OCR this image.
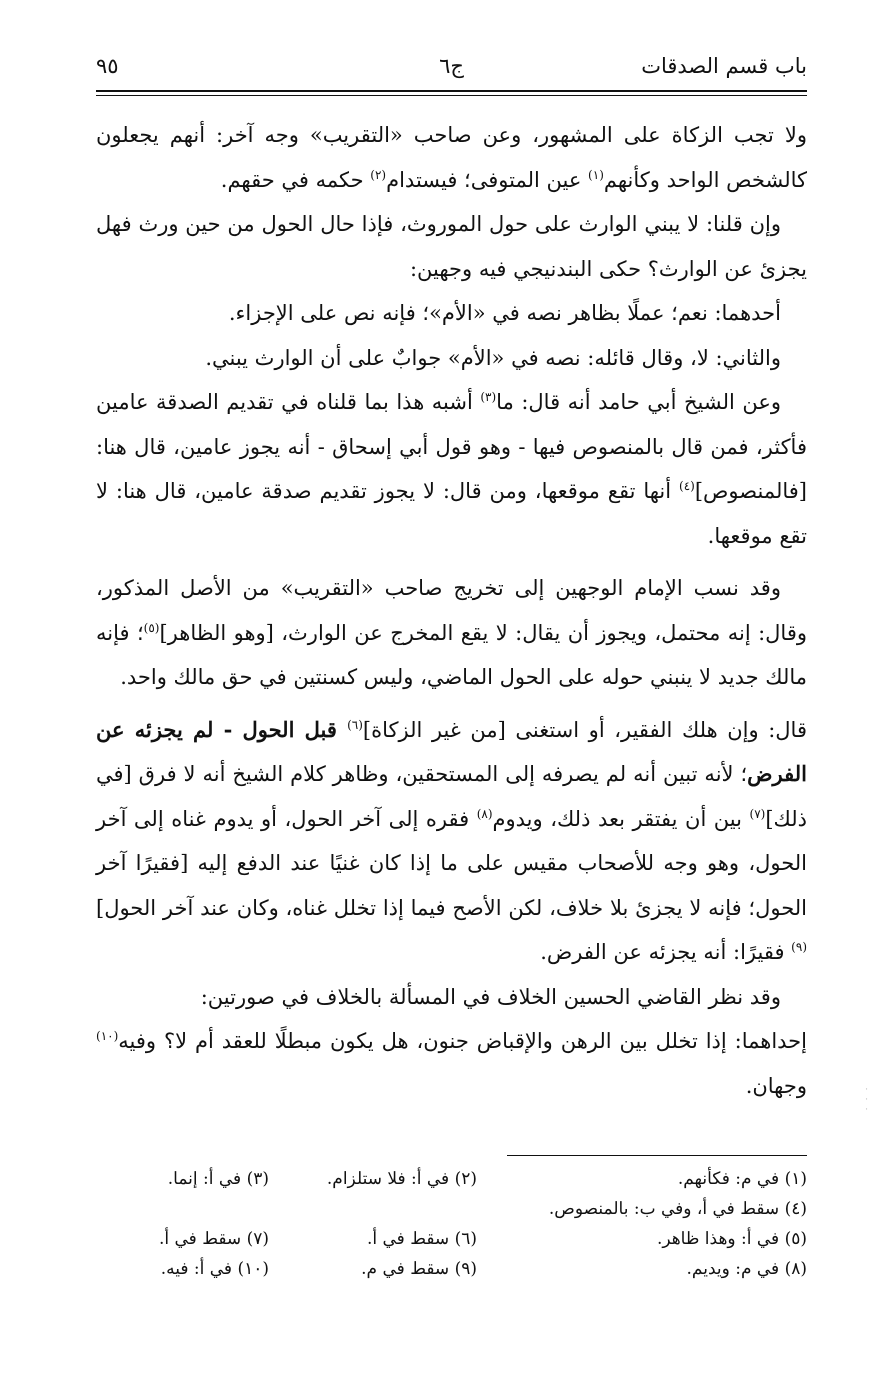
باب قسم الصدقات
ج٦
٩٥

ولا تجب الزكاة على المشهور، وعن صاحب «التقريب» وجه آخر: أنهم يجعلون كالشخص الواحد وكأنهم$^{(١)}$ عين المتوفى؛ فيستدام$^{(٢)}$ حكمه في حقهم.

وإن قلنا: لا يبني الوارث على حول الموروث، فإذا حال الحول من حين ورث فهل يجزئ عن الوارث؟ حكى البندنيجي فيه وجهين:

أحدهما: نعم؛ عملًا بظاهر نصه في «الأم»؛ فإنه نص على الإجزاء.

والثاني: لا، وقال قائله: نصه في «الأم» جوابٌ على أن الوارث يبني.

وعن الشيخ أبي حامد أنه قال: ما$^{(٣)}$ أشبه هذا بما قلناه في تقديم الصدقة عامين فأكثر، فمن قال بالمنصوص فيها - وهو قول أبي إسحاق - أنه يجوز عامين، قال هنا: [فالمنصوص]$^{(٤)}$ أنها تقع موقعها، ومن قال: لا يجوز تقديم صدقة عامين، قال هنا: لا تقع موقعها.

وقد نسب الإمام الوجهين إلى تخريج صاحب «التقريب» من الأصل المذكور، وقال: إنه محتمل، ويجوز أن يقال: لا يقع المخرج عن الوارث، [وهو الظاهر]$^{(٥)}$؛ فإنه مالك جديد لا ينبني حوله على الحول الماضي، وليس كسنتين في حق مالك واحد.

قال: وإن هلك الفقير، أو استغنى [من غير الزكاة]$^{(٦)}$ قبل الحول - لم يجزئه عن الفرض؛ لأنه تبين أنه لم يصرفه إلى المستحقين، وظاهر كلام الشيخ أنه لا فرق [في ذلك]$^{(٧)}$ بين أن يفتقر بعد ذلك، ويدوم$^{(٨)}$ فقره إلى آخر الحول، أو يدوم غناه إلى آخر الحول، وهو وجه للأصحاب مقيس على ما إذا كان غنيًا عند الدفع إليه [فقيرًا آخر الحول؛ فإنه لا يجزئ بلا خلاف، لكن الأصح فيما إذا تخلل غناه، وكان عند آخر الحول]$^{(٩)}$ فقيرًا: أنه يجزئه عن الفرض.

وقد نظر القاضي الحسين الخلاف في المسألة بالخلاف في صورتين:

إحداهما: إذا تخلل بين الرهن والإقباض جنون، هل يكون مبطلًا للعقد أم لا؟ وفيه$^{(١٠)}$ وجهان.

(١) في م: فكأنهم.
(٢) في أ: فلا ستلزام.
(٣) في أ: إنما.
(٤) سقط في أ، وفي ب: بالمنصوص.
(٥) في أ: وهذا ظاهر.
(٦) سقط في أ.
(٧) سقط في أ.
(٨) في م: ويديم.
(٩) سقط في م.
(١٠) في أ: فيه.
·
·
·
